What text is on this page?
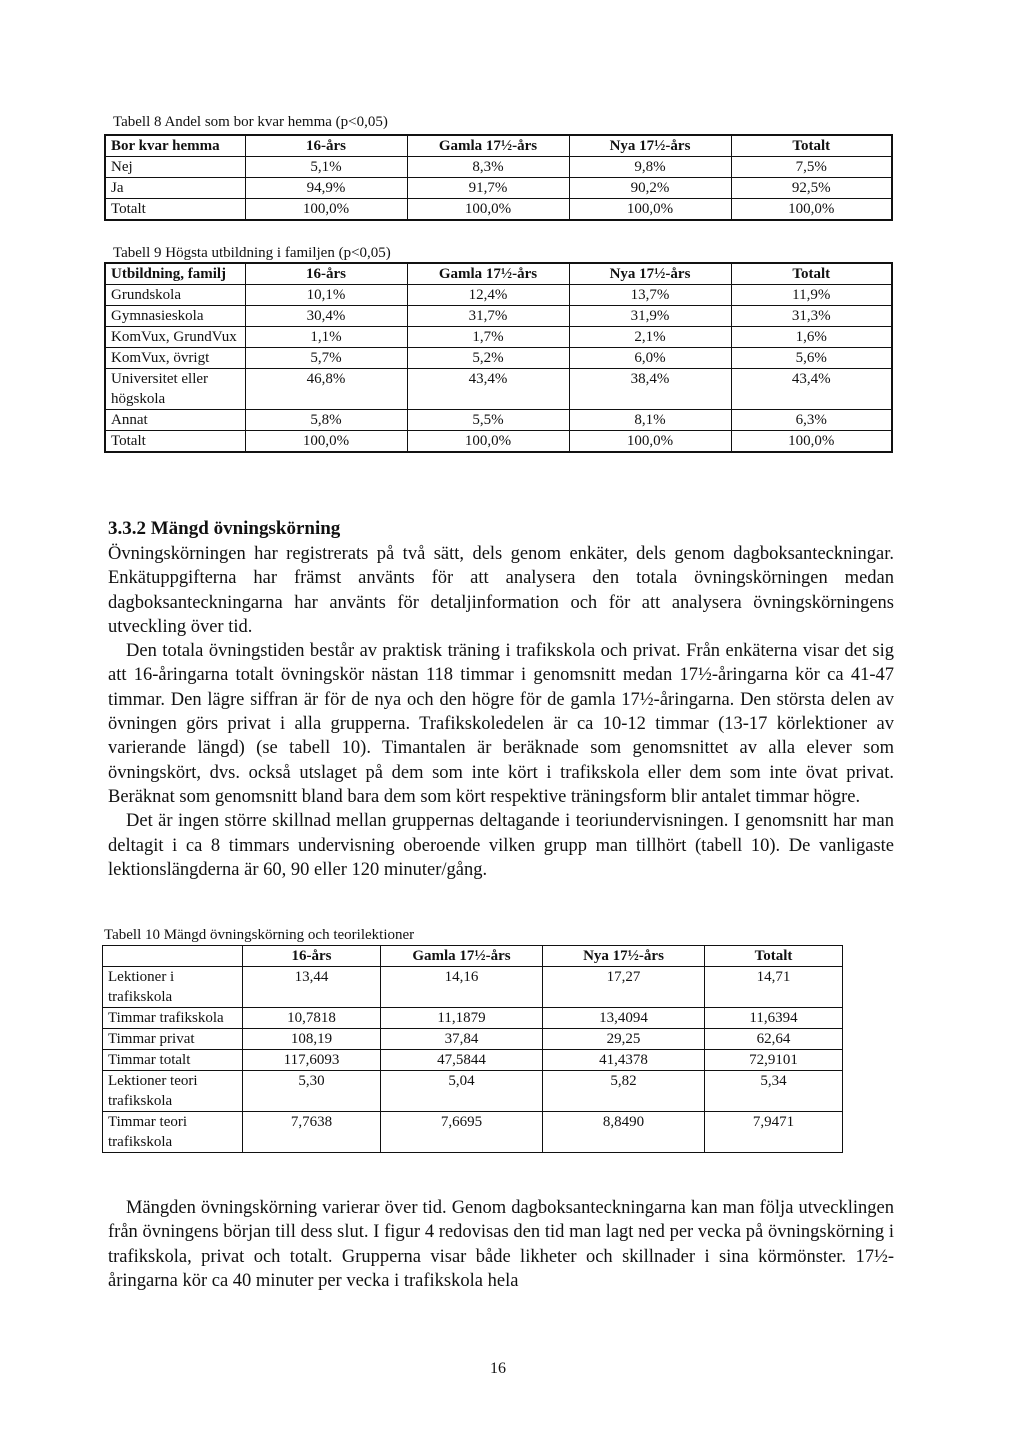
Tabell 8 Andel som bor kvar hemma (p<0,05)
Bor kvar hemma	16-års	Gamla 17½-års	Nya 17½-års	Totalt
Nej	5,1%	8,3%	9,8%	7,5%
Ja	94,9%	91,7%	90,2%	92,5%
Totalt	100,0%	100,0%	100,0%	100,0%
Tabell 9 Högsta utbildning i familjen (p<0,05)
Utbildning, familj	16-års	Gamla 17½-års	Nya 17½-års	Totalt
Grundskola	10,1%	12,4%	13,7%	11,9%
Gymnasieskola	30,4%	31,7%	31,9%	31,3%
KomVux, GrundVux	1,1%	1,7%	2,1%	1,6%
KomVux, övrigt	5,7%	5,2%	6,0%	5,6%
Universitet eller högskola	46,8%	43,4%	38,4%	43,4%
Annat	5,8%	5,5%	8,1%	6,3%
Totalt	100,0%	100,0%	100,0%	100,0%
3.3.2 Mängd övningskörning

Övningskörningen har registrerats på två sätt, dels genom enkäter, dels genom dagboksanteckningar. Enkätuppgifterna har främst använts för att analysera den totala övningskörningen medan dagboksanteckningarna har använts för detaljinformation och för att analysera övningskörningens utveckling över tid.

Den totala övningstiden består av praktisk träning i trafikskola och privat. Från enkäterna visar det sig att 16-åringarna totalt övningskör nästan 118 timmar i genomsnitt medan 17½-åringarna kör ca 41-47 timmar. Den lägre siffran är för de nya och den högre för de gamla 17½-åringarna. Den största delen av övningen görs privat i alla grupperna. Trafikskoledelen är ca 10-12 timmar (13-17 körlektioner av varierande längd) (se tabell 10). Timantalen är beräknade som genomsnittet av alla elever som övningskört, dvs. också utslaget på dem som inte kört i trafikskola eller dem som inte övat privat. Beräknat som genomsnitt bland bara dem som kört respektive träningsform blir antalet timmar högre.

Det är ingen större skillnad mellan gruppernas deltagande i teoriundervisningen. I genomsnitt har man deltagit i ca 8 timmars undervisning oberoende vilken grupp man tillhört (tabell 10). De vanligaste lektionslängderna är 60, 90 eller 120 minuter/gång.

Tabell 10 Mängd övningskörning och teorilektioner
	16-års	Gamla 17½-års	Nya 17½-års	Totalt
Lektioner i trafikskola	13,44	14,16	17,27	14,71
Timmar trafikskola	10,7818	11,1879	13,4094	11,6394
Timmar privat	108,19	37,84	29,25	62,64
Timmar totalt	117,6093	47,5844	41,4378	72,9101
Lektioner teori trafikskola	5,30	5,04	5,82	5,34
Timmar teori trafikskola	7,7638	7,6695	8,8490	7,9471

Mängden övningskörning varierar över tid. Genom dagboksanteckningarna kan man följa utvecklingen från övningens början till dess slut. I figur 4 redovisas den tid man lagt ned per vecka på övningskörning i trafikskola, privat och totalt. Grupperna visar både likheter och skillnader i sina körmönster. 17½-åringarna kör ca 40 minuter per vecka i trafikskola hela

16
